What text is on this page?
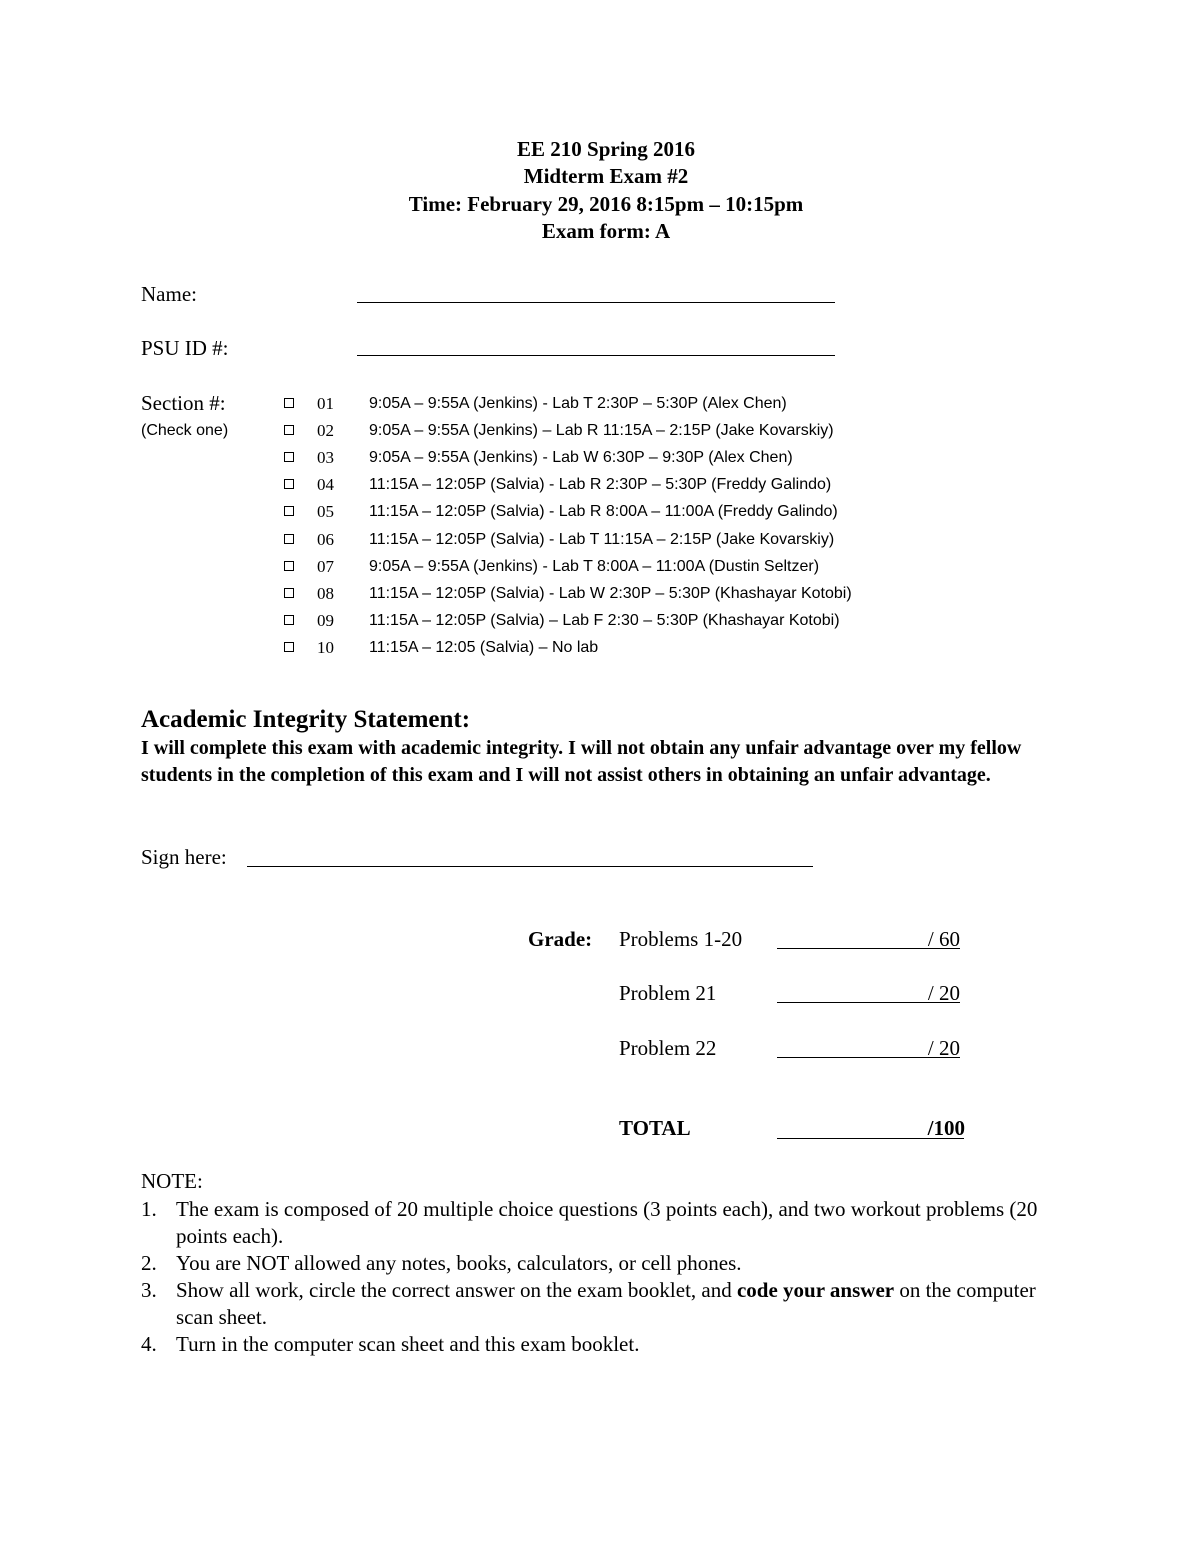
EE 210 Spring 2016
Midterm Exam #2
Time: February 29, 2016 8:15pm – 10:15pm
Exam form: A
Name:
PSU ID #:
Section #:
(Check one)
01 9:05A – 9:55A (Jenkins) - Lab T 2:30P – 5:30P (Alex Chen)
02 9:05A – 9:55A (Jenkins) – Lab R 11:15A – 2:15P (Jake Kovarskiy)
03 9:05A – 9:55A (Jenkins) - Lab W 6:30P – 9:30P (Alex Chen)
04 11:15A – 12:05P (Salvia) - Lab R 2:30P – 5:30P (Freddy Galindo)
05 11:15A – 12:05P (Salvia) - Lab R 8:00A – 11:00A (Freddy Galindo)
06 11:15A – 12:05P (Salvia) - Lab T 11:15A – 2:15P (Jake Kovarskiy)
07 9:05A – 9:55A (Jenkins) - Lab T 8:00A – 11:00A (Dustin Seltzer)
08 11:15A – 12:05P (Salvia) - Lab W 2:30P – 5:30P (Khashayar Kotobi)
09 11:15A – 12:05P (Salvia) – Lab F 2:30 – 5:30P (Khashayar Kotobi)
10 11:15A – 12:05 (Salvia) – No lab
Academic Integrity Statement:
I will complete this exam with academic integrity. I will not obtain any unfair advantage over my fellow students in the completion of this exam and I will not assist others in obtaining an unfair advantage.
Sign here:
Grade: Problems 1-20	/ 60
Problem 21	/ 20
Problem 22	/ 20
TOTAL	/100
NOTE:
1. The exam is composed of 20 multiple choice questions (3 points each), and two workout problems (20 points each).
2. You are NOT allowed any notes, books, calculators, or cell phones.
3. Show all work, circle the correct answer on the exam booklet, and code your answer on the computer scan sheet.
4. Turn in the computer scan sheet and this exam booklet.
